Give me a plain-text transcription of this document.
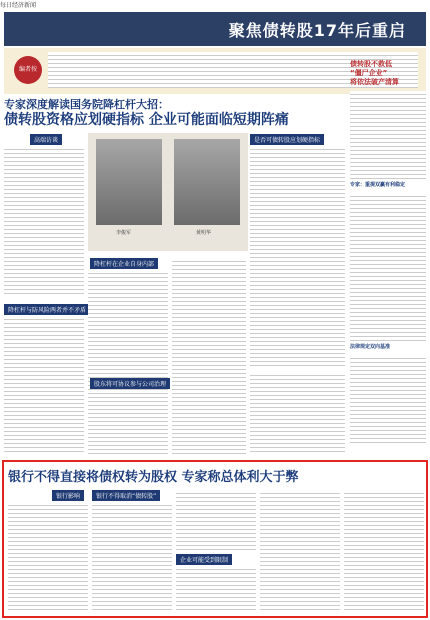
每日经济新闻
聚焦债转股17年后重启
编者按
专家深度解读国务院降杠杆大招：
债转股资格应划硬指标 企业可能面临短期阵痛
高端访谈
李俊军	黄明华
是否可债转股应划硬指标
降杠杆与防风险两者并不矛盾
降杠杆在企业自身内部
股东将可协议参与公司治理
债转股不救低
“僵尸企业”
将依法破产清算
专家：重提双赢有利稳定
法律规定双向基准
银行不得直接将债权转为股权 专家称总体利大于弊
银行影响	银行不得取消“债转股”
企业可能受到限制
